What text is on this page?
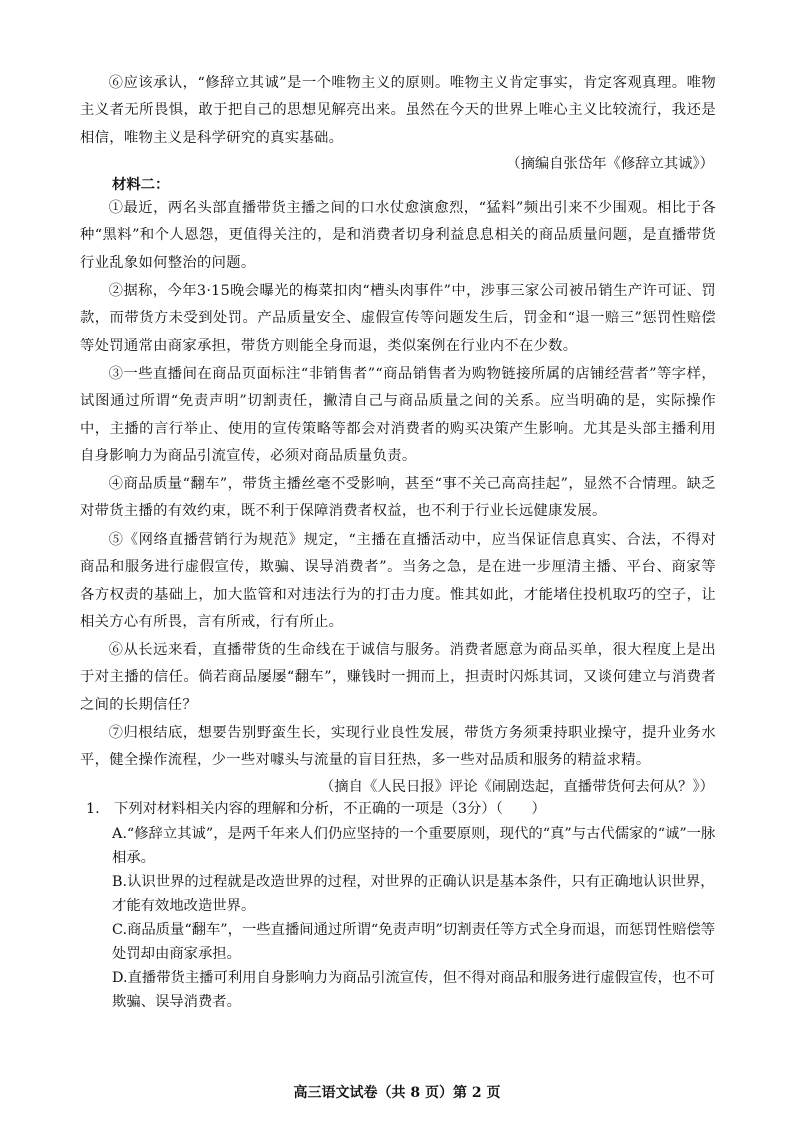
⑥应该承认，“修辞立其诚”是一个唯物主义的原则。唯物主义肯定事实，肯定客观真理。唯物主义者无所畏惧，敢于把自己的思想见解亮出来。虽然在今天的世界上唯心主义比较流行，我还是相信，唯物主义是科学研究的真实基础。

（摘编自张岱年《修辞立其诚》）

材料二：

①最近，两名头部直播带货主播之间的口水仗愈演愈烈，“猛料”频出引来不少围观。相比于各种“黑料”和个人恩怨，更值得关注的，是和消费者切身利益息息相关的商品质量问题，是直播带货行业乱象如何整治的问题。

②据称，今年3·15晚会曝光的梅菜扣肉“槽头肉事件”中，涉事三家公司被吊销生产许可证、罚款，而带货方未受到处罚。产品质量安全、虚假宣传等问题发生后，罚金和“退一赔三”惩罚性赔偿等处罚通常由商家承担，带货方则能全身而退，类似案例在行业内不在少数。

③一些直播间在商品页面标注“非销售者”“商品销售者为购物链接所属的店铺经营者”等字样，试图通过所谓“免责声明”切割责任，撇清自己与商品质量之间的关系。应当明确的是，实际操作中，主播的言行举止、使用的宣传策略等都会对消费者的购买决策产生影响。尤其是头部主播利用自身影响力为商品引流宣传，必须对商品质量负责。

④商品质量“翻车”，带货主播丝毫不受影响，甚至“事不关己高高挂起”，显然不合情理。缺乏对带货主播的有效约束，既不利于保障消费者权益，也不利于行业长远健康发展。

⑤《网络直播营销行为规范》规定，“主播在直播活动中，应当保证信息真实、合法，不得对商品和服务进行虚假宣传，欺骗、误导消费者”。当务之急，是在进一步厘清主播、平台、商家等各方权责的基础上，加大监管和对违法行为的打击力度。惟其如此，才能堵住投机取巧的空子，让相关方心有所畏，言有所戒，行有所止。

⑥从长远来看，直播带货的生命线在于诚信与服务。消费者愿意为商品买单，很大程度上是出于对主播的信任。倘若商品屡屡“翻车”，赚钱时一拥而上，担责时闪烁其词，又谈何建立与消费者之间的长期信任？

⑦归根结底，想要告别野蛮生长，实现行业良性发展，带货方务须秉持职业操守，提升业务水平，健全操作流程，少一些对噱头与流量的盲目狂热，多一些对品质和服务的精益求精。

（摘自《人民日报》评论《闹剧迭起，直播带货何去何从？》）

1.　下列对材料相关内容的理解和分析，不正确的一项是（3分）（　　）

A.“修辞立其诚”，是两千年来人们仍应坚持的一个重要原则，现代的“真”与古代儒家的“诚”一脉相承。

B.认识世界的过程就是改造世界的过程，对世界的正确认识是基本条件，只有正确地认识世界，才能有效地改造世界。

C.商品质量“翻车”，一些直播间通过所谓“免责声明”切割责任等方式全身而退，而惩罚性赔偿等处罚却由商家承担。

D.直播带货主播可利用自身影响力为商品引流宣传，但不得对商品和服务进行虚假宣传，也不可欺骗、误导消费者。

高三语文试卷（共 8 页）第 2 页
